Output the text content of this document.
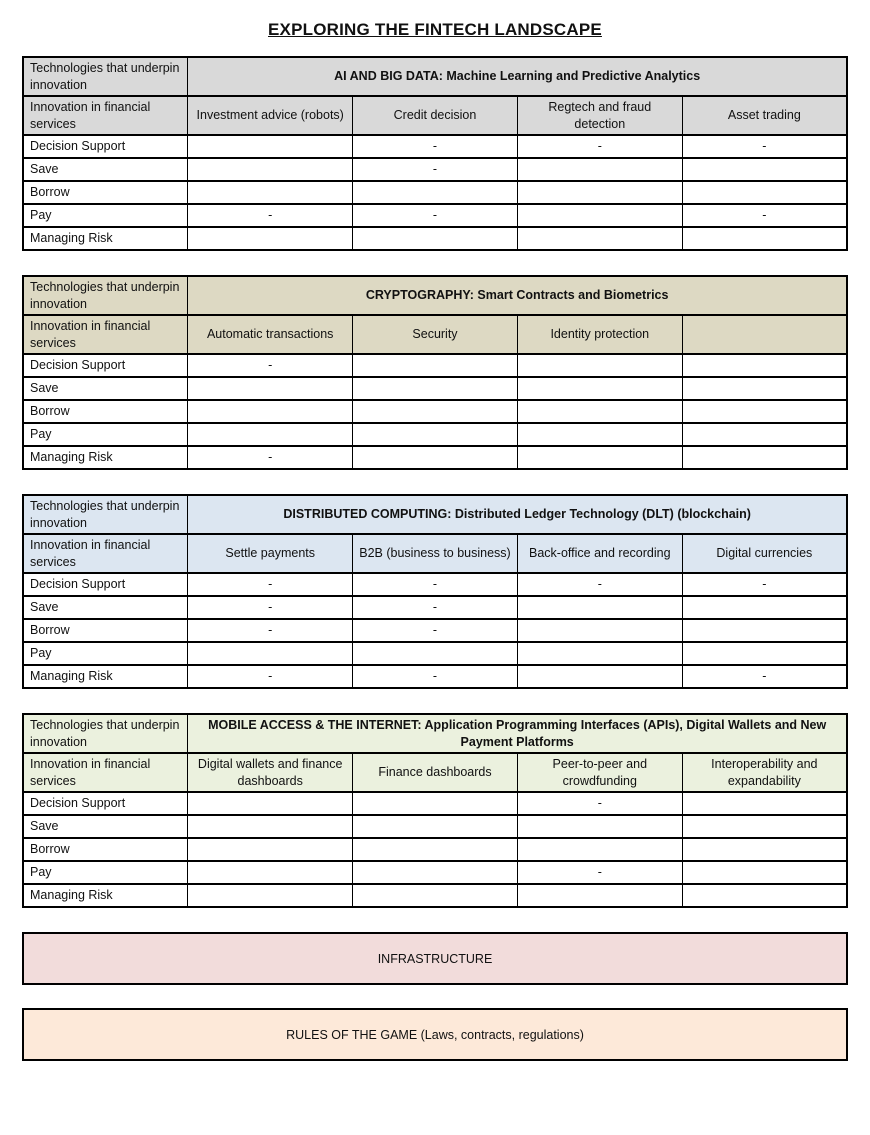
EXPLORING THE FINTECH LANDSCAPE
Technologies that underpin innovation	AI AND BIG DATA: Machine Learning and Predictive Analytics			
Innovation in financial services	Investment advice (robots)	Credit decision	Regtech and fraud detection	Asset trading
Decision Support		-	-	-
Save		-		
Borrow				
Pay	-	-		-
Managing Risk				
Technologies that underpin innovation	CRYPTOGRAPHY: Smart Contracts and Biometrics			
Innovation in financial services	Automatic transactions	Security	Identity protection	
Decision Support	-			
Save				
Borrow				
Pay				
Managing Risk	-			
Technologies that underpin innovation	DISTRIBUTED COMPUTING: Distributed Ledger Technology (DLT) (blockchain)			
Innovation in financial services	Settle payments	B2B (business to business)	Back-office and recording	Digital currencies
Decision Support	-	-	-	-
Save	-	-		
Borrow	-	-		
Pay				
Managing Risk	-	-		-
Technologies that underpin innovation	MOBILE ACCESS & THE INTERNET: Application Programming Interfaces (APIs), Digital Wallets and New Payment Platforms			
Innovation in financial services	Digital wallets and finance dashboards	Finance dashboards	Peer-to-peer and crowdfunding	Interoperability and expandability
Decision Support			-	
Save				
Borrow				
Pay			-	
Managing Risk				
INFRASTRUCTURE
RULES OF THE GAME (Laws, contracts, regulations)
